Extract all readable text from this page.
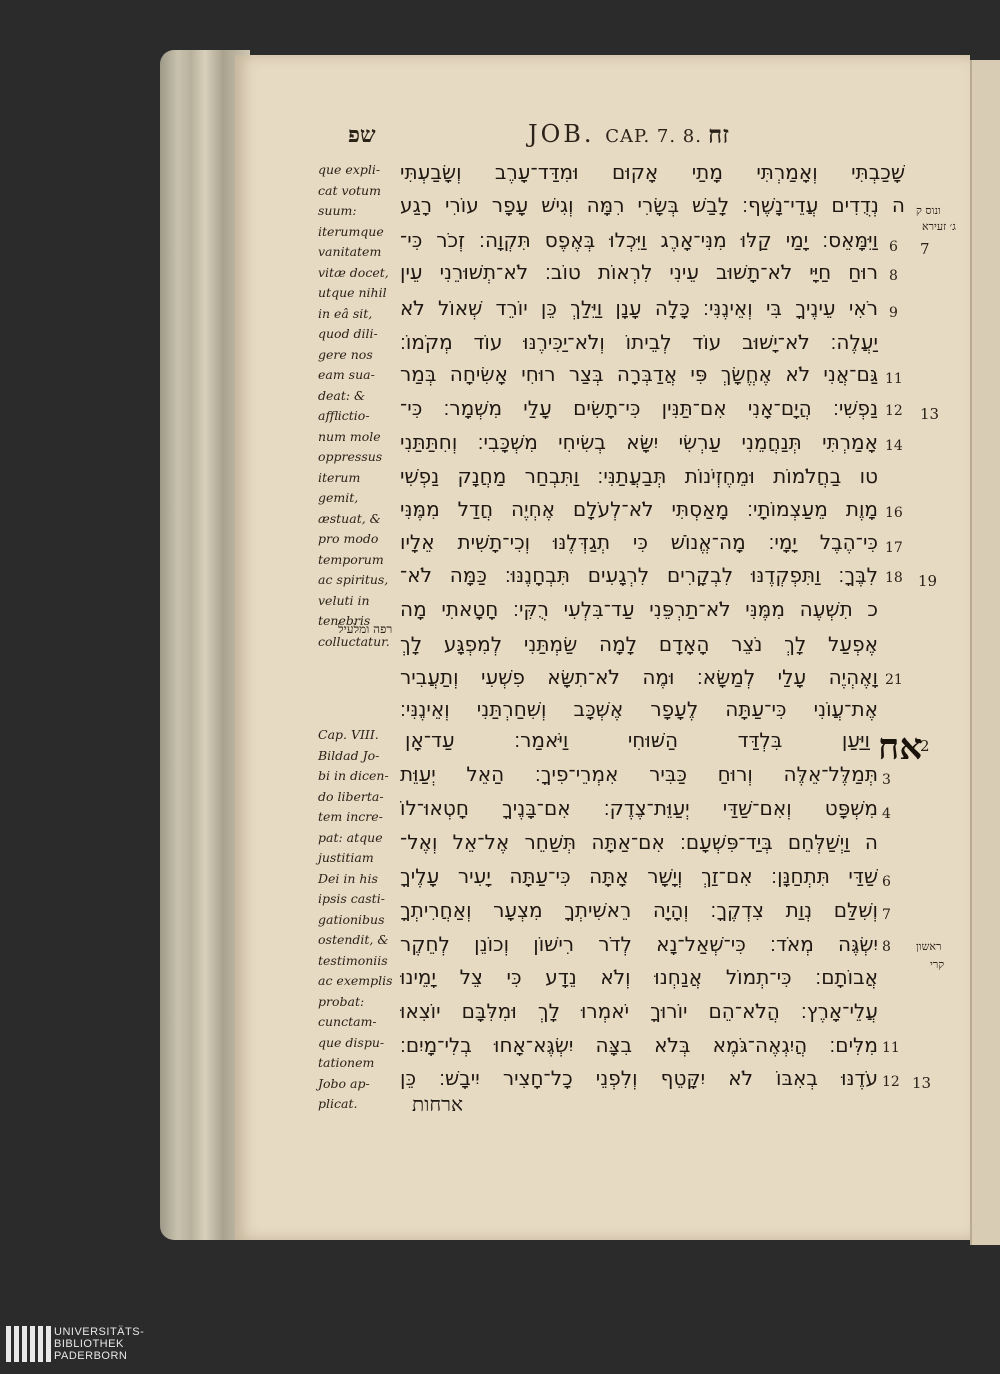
שפ	JOB. CAP. 7. 8. זח
que expli-
cat votum
suum:
iterumque
vanitatem
vitæ docet,
utque nihil
in eâ sit,
quod dili-
gere nos
eam sua-
deat: &
afflictio-
num mole
oppressus
iterum
gemit,
æstuat, &
pro modo
temporum
ac spiritus,
veluti in
tenebris
colluctatur.
רפה ומלעיל
Cap. VIII.
Bildad Jo-
bi in dicen-
do liberta-
tem incre-
pat: atque
justitiam
Dei in his
ipsis casti-
gationibus
ostendit, &
testimoniis
ac exemplis
probat:
cunctam-
que dispu-
tationem
Jobo ap-
plicat.
שָׁכַבְתִּי וְאָמַרְתִּי מָתַי אָקוּם וּמִדַּד־עָרֶב וְשָׂבַעְתִּי
ה נְדֻדִים עֲדֵי־נָשֶׁף׃ לָבַשׁ בְּשָׂרִי רִמָּה וְגִישׁ עָפָר עוֹרִי רָגַע
וַיִּמָּאֵס׃ יָמַי קַלּוּ מִנִּי־אָרֶג וַיִּכְלוּ בְּאֶפֶס תִּקְוָה׃ זְכֹר כִּי־
רוּחַ חַיָּי לֹא־תָשׁוּב עֵינִי לִרְאוֹת טוֹב׃ לֹא־תְשׁוּרֵנִי עֵין
רֹאִי עֵינֶיךָ בִּי וְאֵינֶנִּי׃ כָּלָה עָנָן וַיֵּלַךְ כֵּן יוֹרֵד שְׁאוֹל לֹא
יַעֲלֶה׃ לֹא־יָשׁוּב עוֹד לְבֵיתוֹ וְלֹא־יַכִּירֶנּוּ עוֹד מְקֹמוֹ׃
גַּם־אֲנִי לֹא אֶחֱשָׂךְ פִּי אֲדַבְּרָה בְּצַר רוּחִי אָשִׂיחָה בְּמַר
נַפְשִׁי׃ הֲיָם־אָנִי אִם־תַּנִּין כִּי־תָשִׂים עָלַי מִשְׁמָר׃ כִּי־
אָמַרְתִּי תְּנַחֲמֵנִי עַרְשִׂי יִשָּׂא בְשִׂיחִי מִשְׁכָּבִי׃ וְחִתַּתַּנִי
טו בַחֲלֹמוֹת וּמֵחֶזְיֹנוֹת תְּבַעֲתַנִּי׃ וַתִּבְחַר מַחֲנָק נַפְשִׁי
מָוֶת מֵעַצְמוֹתָי׃ מָאַסְתִּי לֹא־לְעֹלָם אֶחְיֶה חֲדַל מִמֶּנִּי
כִּי־הֶבֶל יָמָי׃ מָה־אֱנוֹשׁ כִּי תְגַדְּלֶנּוּ וְכִי־תָשִׁית אֵלָיו
לִבֶּךָ׃ וַתִּפְקְדֶנּוּ לִבְקָרִים לִרְגָעִים תִּבְחָנֶנּוּ׃ כַּמָּה לֹא־
כ תִשְׁעֶה מִמֶּנִּי לֹא־תַרְפֵּנִי עַד־בִּלְעִי רֻקִּי׃ חָטָאתִי מָה
אֶפְעַל לָךְ נֹצֵר הָאָדָם לָמָה שַׂמְתַּנִי לְמִפְגָּע לָךְ
וָאֶהְיֶה עָלַי לְמַשָּׂא׃ וּמֶה לֹא־תִשָּׂא פִשְׁעִי וְתַעֲבִיר
אֶת־עֲוֹנִי כִּי־עַתָּה לֶעָפָר אֶשְׁכָּב וְשִׁחַרְתַּנִי וְאֵינֶנִּי׃
וַיַּעַן בִּלְדַּד הַשּׁוּחִי וַיֹּאמַר׃ עַד־אָן
תְּמַלֶּל־אֵלֶּה וְרוּחַ כַּבִּיר אִמְרֵי־פִיךָ׃ הַאֵל יְעַוֵּת
מִשְׁפָּט וְאִם־שַׁדַּי יְעַוֵּת־צֶדֶק׃ אִם־בָּנֶיךָ חָטְאוּ־לוֹ
ה וַיְשַׁלְּחֵם בְּיַד־פִּשְׁעָם׃ אִם־אַתָּה תְּשַׁחֵר אֶל־אֵל וְאֶל־
שַׁדַּי תִּתְחַנָּן׃ אִם־זַךְ וְיָשָׁר אָתָּה כִּי־עַתָּה יָעִיר עָלֶיךָ
וְשִׁלַּם נְוַת צִדְקֶךָ׃ וְהָיָה רֵאשִׁיתְךָ מִצְעָר וְאַחֲרִיתְךָ
יִשְׂגֶּה מְאֹד׃ כִּי־שְׁאַל־נָא לְדֹר רִישׁוֹן וְכוֹנֵן לְחֵקֶר
אֲבוֹתָם׃ כִּי־תְמוֹל אֲנַחְנוּ וְלֹא נֵדָע כִּי צֵל יָמֵינוּ
עֲלֵי־אָרֶץ׃ הֲלֹא־הֵם יוֹרוּךָ יֹאמְרוּ לָךְ וּמִלִּבָּם יוֹצִאוּ
מִלִּים׃ הֲיִגְאֶה־גֹּמֶא בְּלֹא בִצָּה יִשְׂגֶּא־אָחוּ בְלִי־מָיִם׃
עֹדֶנּוּ בְאִבּוֹ לֹא יִקָּטֵף וְלִפְנֵי כָל־חָצִיר יִיבָשׁ׃ כֵּן
אח
ארחות
6 7
8
9
11
12 13
14
16
17
18 19
21
2
3
4
6
7
8
11
12 13
ונוס ק
ג׳ זעירא
ראשון
קרי
UNIVERSITÄTS-
BIBLIOTHEK
PADERBORN
